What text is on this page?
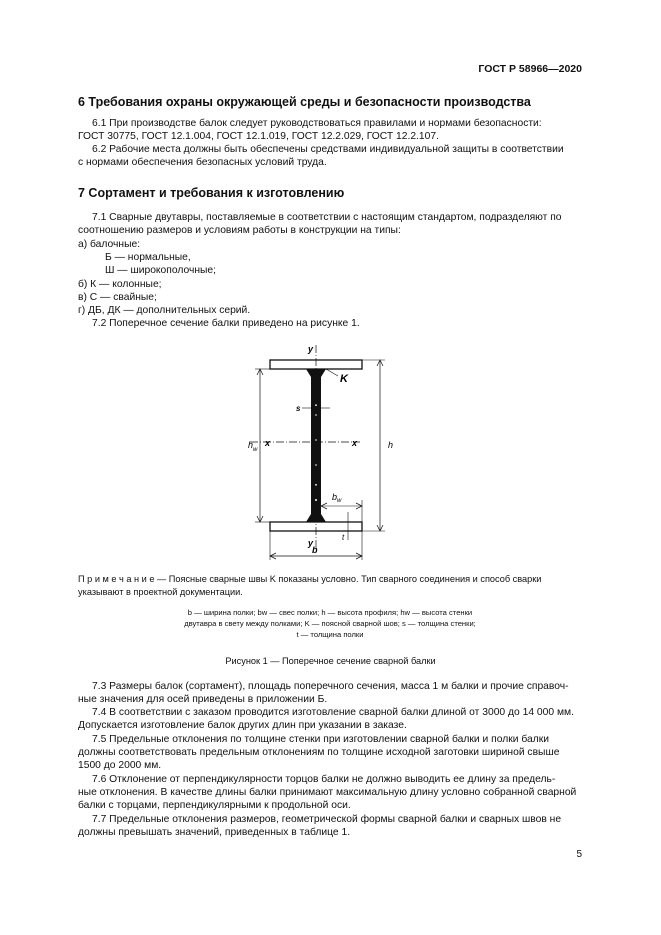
ГОСТ Р 58966—2020
6 Требования охраны окружающей среды и безопасности производства
6.1 При производстве балок следует руководствоваться правилами и нормами безопасности:
ГОСТ 30775, ГОСТ 12.1.004, ГОСТ 12.1.019, ГОСТ 12.2.029, ГОСТ 12.2.107.
6.2 Рабочие места должны быть обеспечены средствами индивидуальной защиты в соответствии
с нормами обеспечения безопасных условий труда.
7 Сортамент и требования к изготовлению
7.1 Сварные двутавры, поставляемые в соответствии с настоящим стандартом, подразделяют по
соотношению размеров и условиям работы в конструкции на типы:
а) балочные:
Б — нормальные,
Ш — широкополочные;
б) К — колонные;
в) С — свайные;
г) ДБ, ДК — дополнительных серий.
7.2 Поперечное сечение балки приведено на рисунке 1.
y
y
x	x
K
s
h
h w
b w
b
t
П р и м е ч а н и е — Поясные сварные швы K показаны условно. Тип сварного соединения и способ сварки
указывают в проектной документации.
b — ширина полки; bw — свес полки; h — высота профиля; hw — высота стенки
двутавра в свету между полками; K — поясной сварной шов; s — толщина стенки;
t — толщина полки
Рисунок 1 — Поперечное сечение сварной балки
7.3 Размеры балок (сортамент), площадь поперечного сечения, масса 1 м балки и прочие справоч-
ные значения для осей приведены в приложении Б.
7.4 В соответствии с заказом проводится изготовление сварной балки длиной от 3000 до 14 000 мм.
Допускается изготовление балок других длин при указании в заказе.
7.5 Предельные отклонения по толщине стенки при изготовлении сварной балки и полки балки
должны соответствовать предельным отклонениям по толщине исходной заготовки шириной свыше
1500 до 2000 мм.
7.6 Отклонение от перпендикулярности торцов балки не должно выводить ее длину за предель-
ные отклонения. В качестве длины балки принимают максимальную длину условно собранной сварной
балки с торцами, перпендикулярными к продольной оси.
7.7 Предельные отклонения размеров, геометрической формы сварной балки и сварных швов не
должны превышать значений, приведенных в таблице 1.
5
